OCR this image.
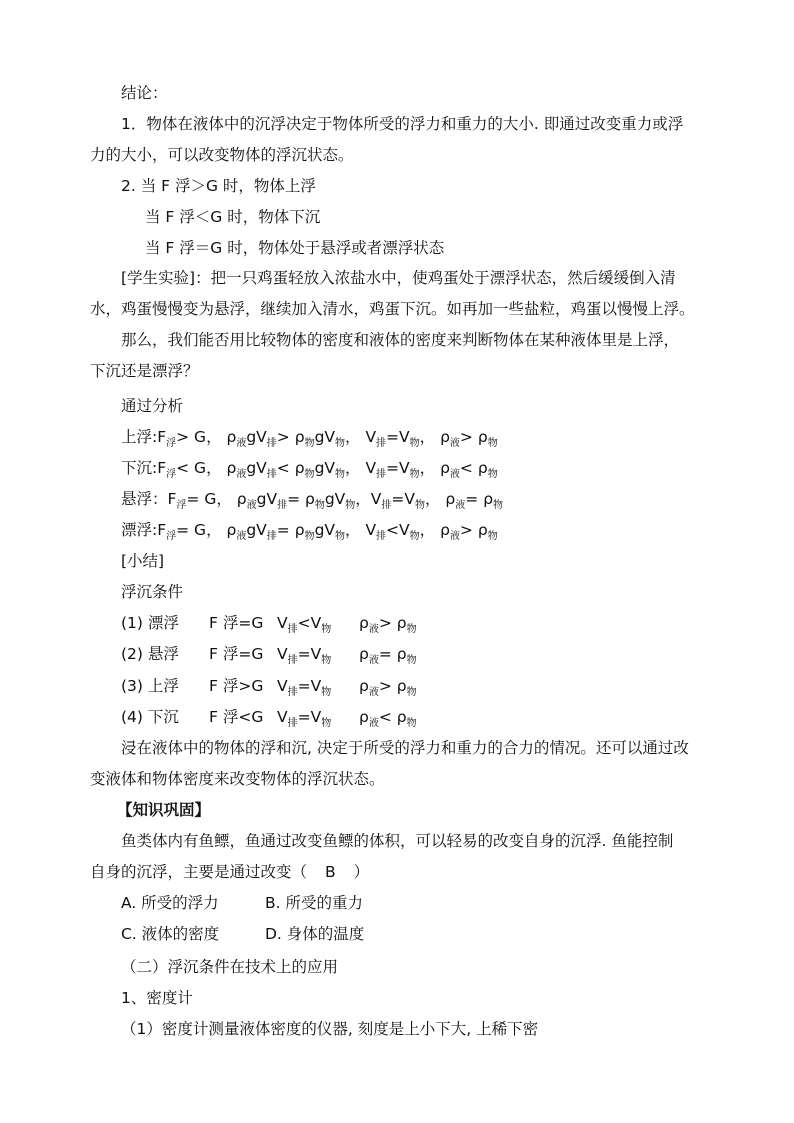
结论：
1．物体在液体中的沉浮决定于物体所受的浮力和重力的大小. 即通过改变重力或浮
力的大小，可以改变物体的浮沉状态。
2. 当 F 浮＞G 时，物体上浮
当 F 浮＜G 时，物体下沉
当 F 浮＝G 时，物体处于悬浮或者漂浮状态
[学生实验]：把一只鸡蛋轻放入浓盐水中，使鸡蛋处于漂浮状态，然后缓缓倒入清
水，鸡蛋慢慢变为悬浮，继续加入清水，鸡蛋下沉。如再加一些盐粒，鸡蛋以慢慢上浮。
那么，我们能否用比较物体的密度和液体的密度来判断物体在某种液体里是上浮，
下沉还是漂浮？
通过分析
上浮$:F_浮> G$， $\rho_液gV_排> \rho_物gV_物$， $V_排=V_物$， $\rho_液> \rho_物$
下沉$:F_浮< G$， $\rho_液gV_排< \rho_物gV_物$， $V_排=V_物$， $\rho_液< \rho_物$
悬浮：$F_浮= G$， $\rho_液gV_排= \rho_物gV_物$，$V_排=V_物$， $\rho_液= \rho_物$
漂浮$:F_浮= G$， $\rho_液gV_排= \rho_物gV_物$， $V_排<V_物$， $\rho_液> \rho_物$
[小结]
浮沉条件
(1) 漂浮 F 浮=G $V_排<V_物$ $\rho_液> \rho_物$
(2) 悬浮 F 浮=G $V_排=V_物$ $\rho_液= \rho_物$
(3) 上浮 F 浮>G $V_排=V_物$ $\rho_液> \rho_物$
(4) 下沉 F 浮<G $V_排=V_物$ $\rho_液< \rho_物$
浸在液体中的物体的浮和沉, 决定于所受的浮力和重力的合力的情况。还可以通过改
变液体和物体密度来改变物体的浮沉状态。
【知识巩固】
鱼类体内有鱼鳔，鱼通过改变鱼鳔的体积，可以轻易的改变自身的沉浮. 鱼能控制
自身的沉浮，主要是通过改变（ B ）
A. 所受的浮力	B. 所受的重力
C. 液体的密度	D. 身体的温度
（二）浮沉条件在技术上的应用
1、密度计
（1）密度计测量液体密度的仪器, 刻度是上小下大, 上稀下密
